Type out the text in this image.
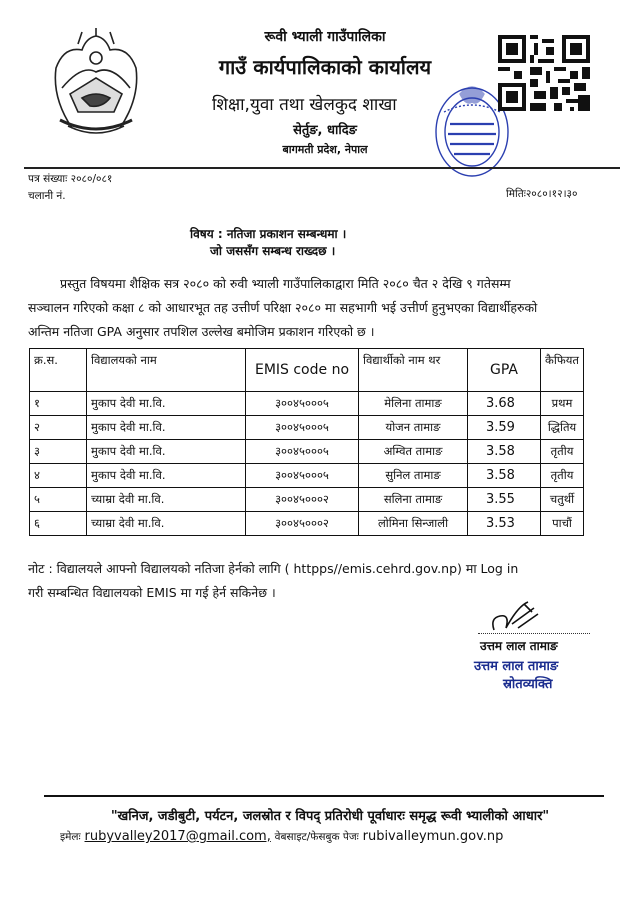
रूवी भ्याली गाउँपालिका
गाउँ कार्यपालिकाको कार्यालय
शिक्षा,युवा तथा खेलकुद शाखा
सेर्तुङ, धादिङ
बागमती प्रदेश, नेपाल
पत्र संख्याः २०८०/०८१
चलानी नं.	मितिः२०८०।१२।३०
विषय : नतिजा प्रकाशन सम्बन्धमा ।
जो जससँग सम्बन्ध राख्दछ ।
प्रस्तुत विषयमा शैक्षिक सत्र २०८० को रुवी भ्याली गाउँपालिकाद्वारा मिति २०८० चैत २ देखि ९ गतेसम्म
सञ्चालन गरिएको कक्षा ८ को आधारभूत तह उत्तीर्ण परिक्षा २०८० मा सहभागी भई उत्तीर्ण हुनुभएका विद्यार्थीहरुको
अन्तिम नतिजा GPA अनुसार तपशिल उल्लेख बमोजिम प्रकाशन गरिएको छ ।
क्र.स.	विद्यालयको नाम	EMIS code no	विद्यार्थीको नाम थर	GPA	कैफियत
१	मुकाप देवी मा.वि.	३००४५०००५	मेलिना तामाङ	3.68	प्रथम
२	मुकाप देवी मा.वि.	३००४५०००५	योजन तामाङ	3.59	द्धितिय
३	मुकाप देवी मा.वि.	३००४५०००५	अम्वित तामाङ	3.58	तृतीय
४	मुकाप देवी मा.वि.	३००४५०००५	सुनिल तामाङ	3.58	तृतीय
५	च्याम्रा देवी मा.वि.	३००४५०००२	सलिना तामाङ	3.55	चतुर्थी
६	च्याम्रा देवी मा.वि.	३००४५०००२	लोमिना सिन्जाली	3.53	पाचौं
नोट : विद्यालयले आफ्नो विद्यालयको नतिजा हेर्नको लागि ( httpps//emis.cehrd.gov.np) मा Log in
गरी सम्बन्धित विद्यालयको EMIS मा गई हेर्न सकिनेछ ।
उत्तम लाल तामाङ
उत्तम लाल तामाङ
स्रोतव्यक्ति
"खनिज, जडीबुटी, पर्यटन, जलस्रोत र विपद् प्रतिरोधी पूर्वाधारः समृद्ध रूवी भ्यालीको आधार"
इमेलः rubyvalley2017@gmail.com, वेबसाइट/फेसबुक पेजः rubivalleymun.gov.np
